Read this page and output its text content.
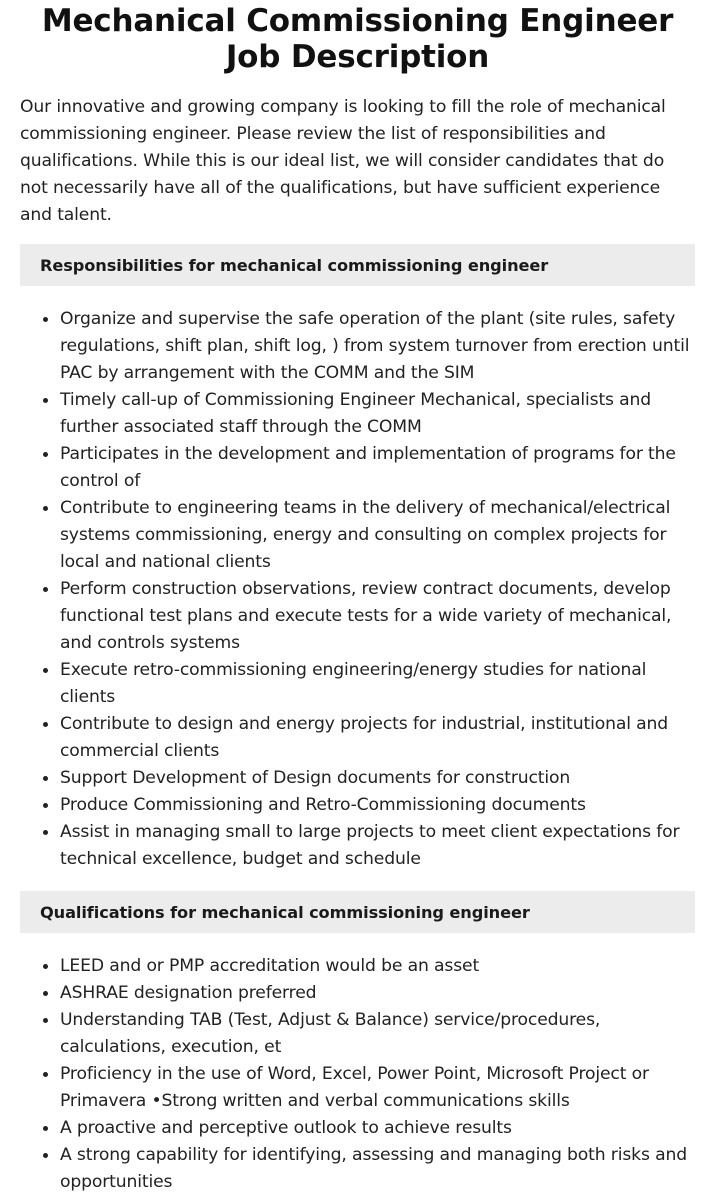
Mechanical Commissioning Engineer Job Description

Our innovative and growing company is looking to fill the role of mechanical commissioning engineer. Please review the list of responsibilities and qualifications. While this is our ideal list, we will consider candidates that do not necessarily have all of the qualifications, but have sufficient experience and talent.

Responsibilities for mechanical commissioning engineer
Organize and supervise the safe operation of the plant (site rules, safety regulations, shift plan, shift log, ) from system turnover from erection until PAC by arrangement with the COMM and the SIM
Timely call-up of Commissioning Engineer Mechanical, specialists and further associated staff through the COMM
Participates in the development and implementation of programs for the control of
Contribute to engineering teams in the delivery of mechanical/electrical systems commissioning, energy and consulting on complex projects for local and national clients
Perform construction observations, review contract documents, develop functional test plans and execute tests for a wide variety of mechanical, and controls systems
Execute retro-commissioning engineering/energy studies for national clients
Contribute to design and energy projects for industrial, institutional and commercial clients
Support Development of Design documents for construction
Produce Commissioning and Retro-Commissioning documents
Assist in managing small to large projects to meet client expectations for technical excellence, budget and schedule
Qualifications for mechanical commissioning engineer
LEED and or PMP accreditation would be an asset
ASHRAE designation preferred
Understanding TAB (Test, Adjust & Balance) service/procedures, calculations, execution, et
Proficiency in the use of Word, Excel, Power Point, Microsoft Project or Primavera •Strong written and verbal communications skills
A proactive and perceptive outlook to achieve results
A strong capability for identifying, assessing and managing both risks and opportunities
